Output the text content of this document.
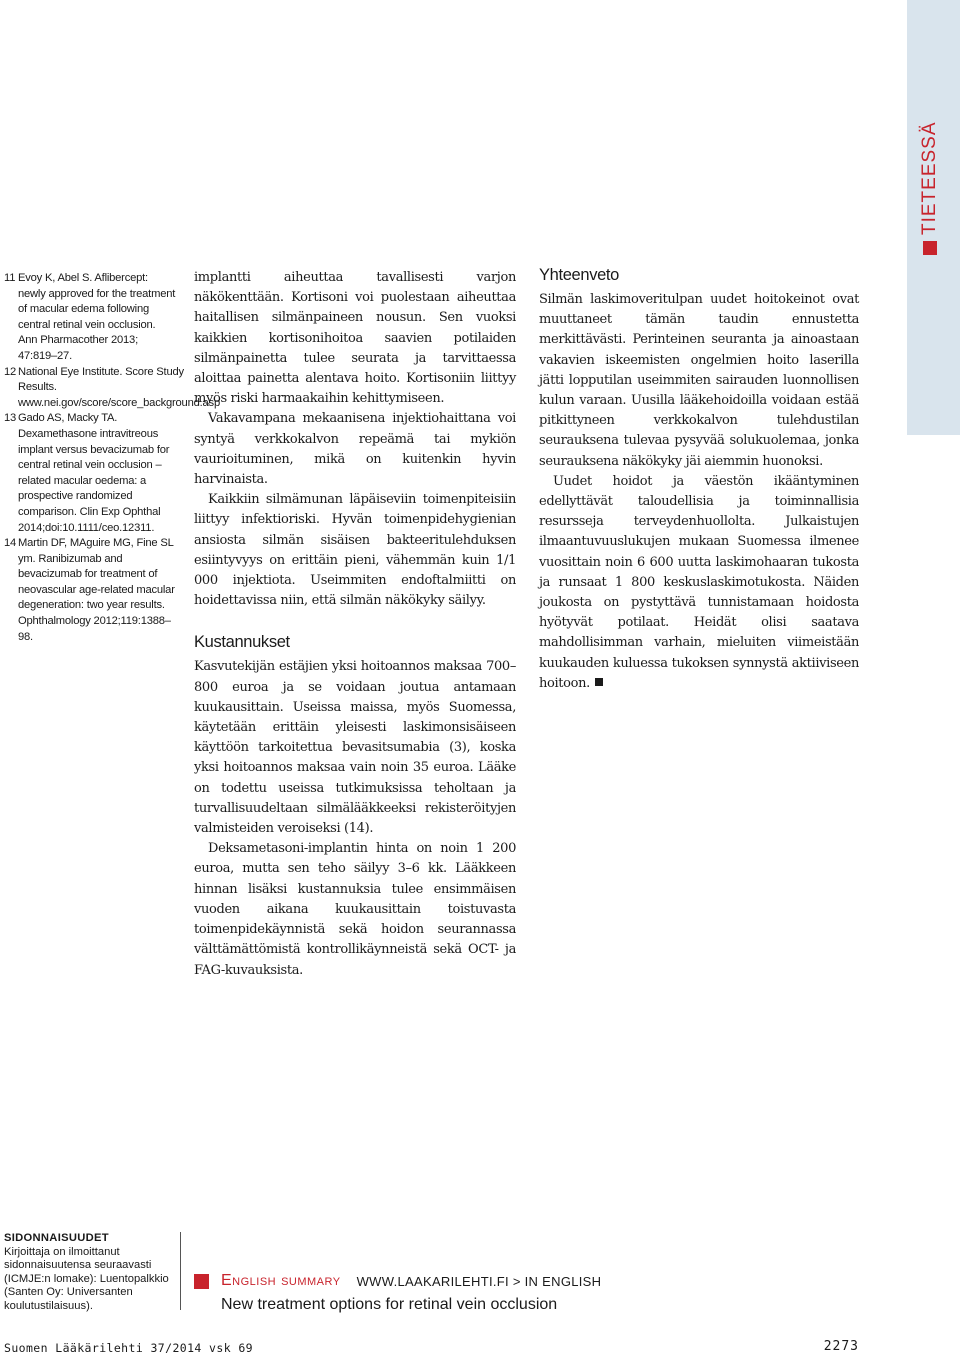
TIETEESSÄ
11 Evoy K, Abel S. Aflibercept: newly approved for the treatment of macular edema following central retinal vein occlusion. Ann Pharmacother 2013; 47:819–27.
12 National Eye Institute. Score Study Results. www.nei.gov/score/score_background.asp
13 Gado AS, Macky TA. Dexamethasone intravitreous implant versus bevacizumab for central retinal vein occlusion – related macular oedema: a prospective randomized comparison. Clin Exp Ophthal 2014;doi:10.1111/ceo.12311.
14 Martin DF, MAguire MG, Fine SL ym. Ranibizumab and bevacizumab for treatment of neovascular age-related macular degeneration: two year results. Ophthalmology 2012;119:1388–98.

implantti aiheuttaa tavallisesti varjon näkökenttään. Kortisoni voi puolestaan aiheuttaa haitallisen silmänpaineen nousun. Sen vuoksi kaikkien kortisonihoitoa saavien potilaiden silmänpainetta tulee seurata ja tarvittaessa aloittaa painetta alentava hoito. Kortisoniin liittyy myös riski harmaakaihin kehittymiseen.

Vakavampana mekaanisena injektiohaittana voi syntyä verkkokalvon repeämä tai mykiön vaurioituminen, mikä on kuitenkin hyvin harvinaista.

Kaikkiin silmämunan läpäiseviin toimenpiteisiin liittyy infektioriski. Hyvän toimenpidehygienian ansiosta silmän sisäisen bakteeritulehduksen esiintyvyys on erittäin pieni, vähemmän kuin 1/1 000 injektiota. Useimmiten endoftalmiitti on hoidettavissa niin, että silmän näkökyky säilyy.

Kustannukset

Kasvutekijän estäjien yksi hoitoannos maksaa 700–800 euroa ja se voidaan joutua antamaan kuukausittain. Useissa maissa, myös Suomessa, käytetään erittäin yleisesti laskimonsisäiseen käyttöön tarkoitettua bevasitsumabia (3), koska yksi hoitoannos maksaa vain noin 35 euroa. Lääke on todettu useissa tutkimuksissa teholtaan ja turvallisuudeltaan silmälääkkeeksi rekisteröityjen valmisteiden veroiseksi (14).

Deksametasoni-implantin hinta on noin 1 200 euroa, mutta sen teho säilyy 3–6 kk. Lääkkeen hinnan lisäksi kustannuksia tulee ensimmäisen vuoden aikana kuukausittain toistuvasta toimenpidekäynnistä sekä hoidon seurannassa välttämättömistä kontrollikäynneistä sekä OCT- ja FAG-kuvauksista.

Yhteenveto

Silmän laskimoveritulpan uudet hoitokeinot ovat muuttaneet tämän taudin ennustetta merkittävästi. Perinteinen seuranta ja ainoastaan vakavien iskeemisten ongelmien hoito laserilla jätti lopputilan useimmiten sairauden luonnollisen kulun varaan. Uusilla lääkehoidoilla voidaan estää pitkittyneen verkkokalvon tulehdustilan seurauksena tulevaa pysyvää solukuolemaa, jonka seurauksena näkökyky jäi aiemmin huonoksi.

Uudet hoidot ja väestön ikääntyminen edellyttävät taloudellisia ja toiminnallisia resursseja terveydenhuollolta. Julkaistujen ilmaantuvuuslukujen mukaan Suomessa ilmenee vuosittain noin 6 600 uutta laskimohaaran tukosta ja runsaat 1 800 keskuslaskimotukosta. Näiden joukosta on pystyttävä tunnistamaan hoidosta hyötyvät potilaat. Heidät olisi saatava mahdollisimman varhain, mieluiten viimeistään kuukauden kuluessa tukoksen synnystä aktiiviseen hoitoon.

SIDONNAISUUDET
Kirjoittaja on ilmoittanut sidonnaisuutensa seuraavasti (ICMJE:n lomake): Luentopalkkio (Santen Oy: Universanten koulutustilaisuus).
English summary WWW.LAAKARILEHTI.FI > IN ENGLISH
New treatment options for retinal vein occlusion
Suomen Lääkärilehti 37/2014 vsk 69	2273
